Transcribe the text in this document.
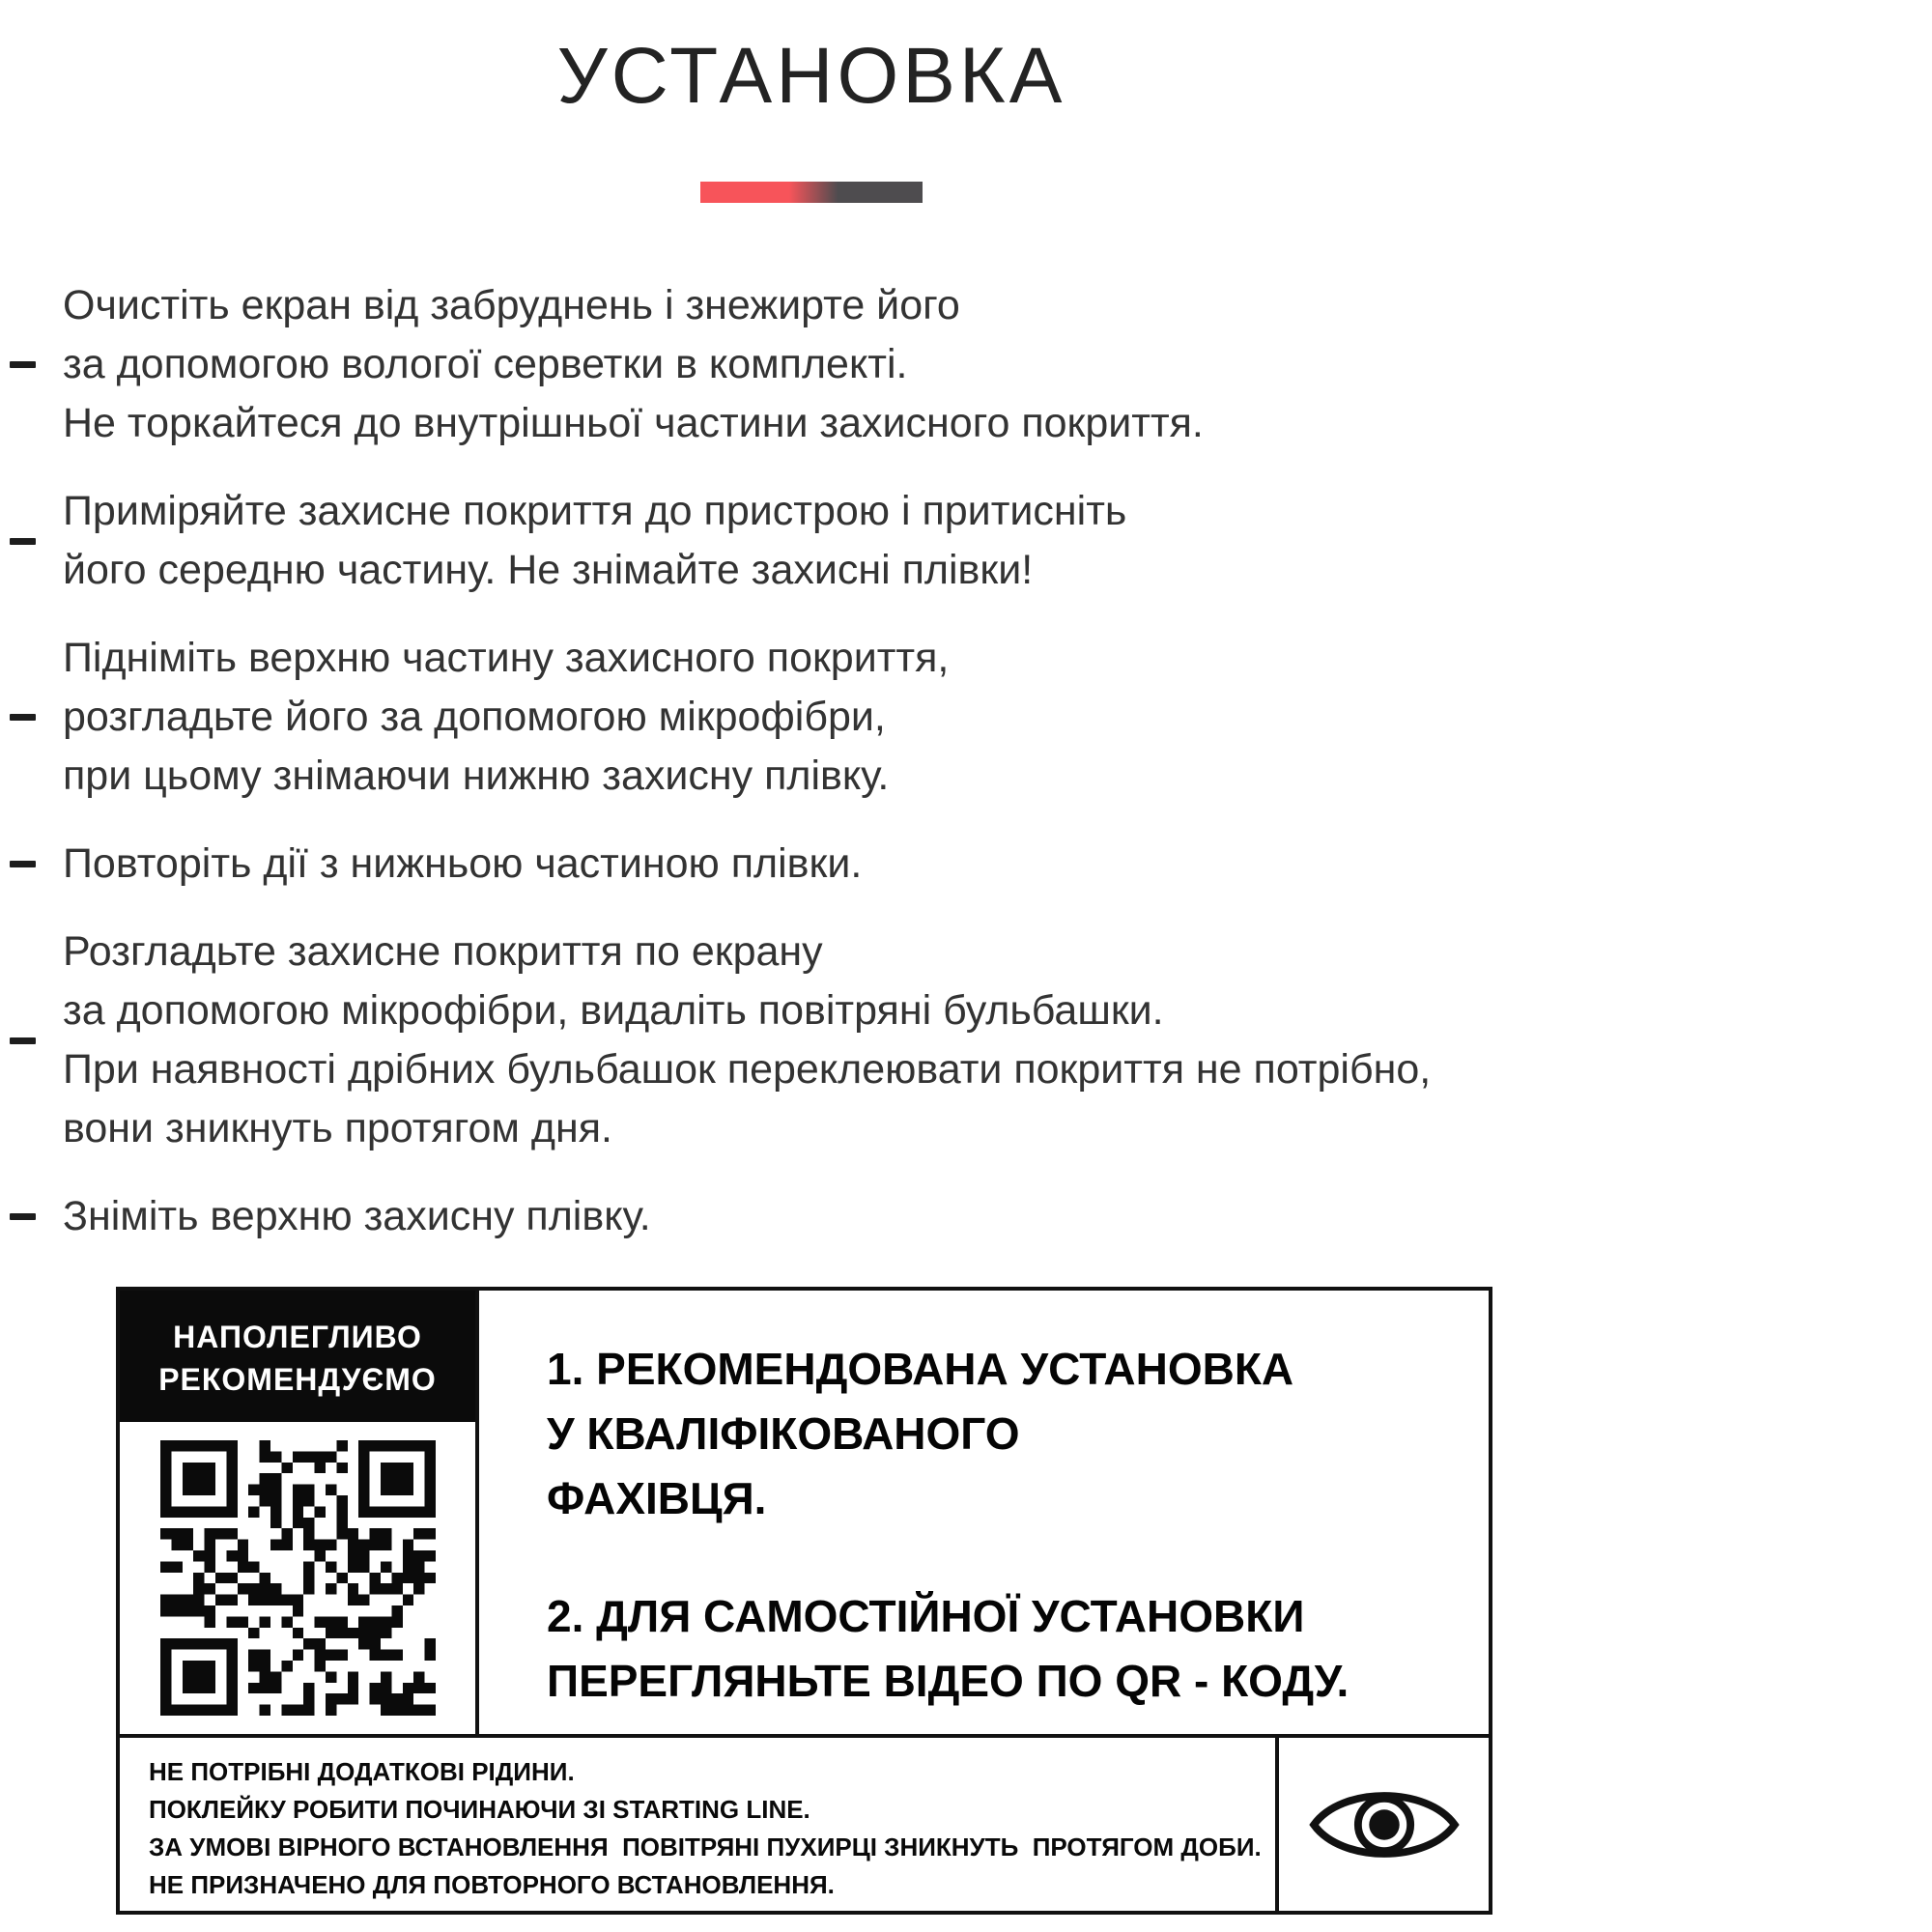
УСТАНОВКА
Очистіть екран від забруднень і знежирте його
за допомогою вологої серветки в комплекті.
Не торкайтеся до внутрішньої частини захисного покриття.
Приміряйте захисне покриття до пристрою і притисніть
його середню частину. Не знімайте захисні плівки!
Підніміть верхню частину захисного покриття,
розгладьте його за допомогою мікрофібри,
при цьому знімаючи нижню захисну плівку.
Повторіть дії з нижньою частиною плівки.
Розгладьте захисне покриття по екрану
за допомогою мікрофібри, видаліть повітряні бульбашки.
При наявності дрібних бульбашок переклеювати покриття не потрібно,
вони зникнуть протягом дня.
Зніміть верхню захисну плівку.
НАПОЛЕГЛИВО
РЕКОМЕНДУЄМО	1. РЕКОМЕНДОВАНА УСТАНОВКА
У КВАЛІФІКОВАНОГО
ФАХІВЦЯ.
2. ДЛЯ САМОСТІЙНОЇ УСТАНОВКИ
ПЕРЕГЛЯНЬТЕ ВІДЕО ПО QR - КОДУ.
НЕ ПОТРІБНІ ДОДАТКОВІ РІДИНИ.
ПОКЛЕЙКУ РОБИТИ ПОЧИНАЮЧИ ЗІ STARTING LINE.
ЗА УМОВІ ВІРНОГО ВСТАНОВЛЕННЯ  ПОВІТРЯНІ ПУХИРЦІ ЗНИКНУТЬ  ПРОТЯГОМ ДОБИ.
НЕ ПРИЗНАЧЕНО ДЛЯ ПОВТОРНОГО ВСТАНОВЛЕННЯ.
